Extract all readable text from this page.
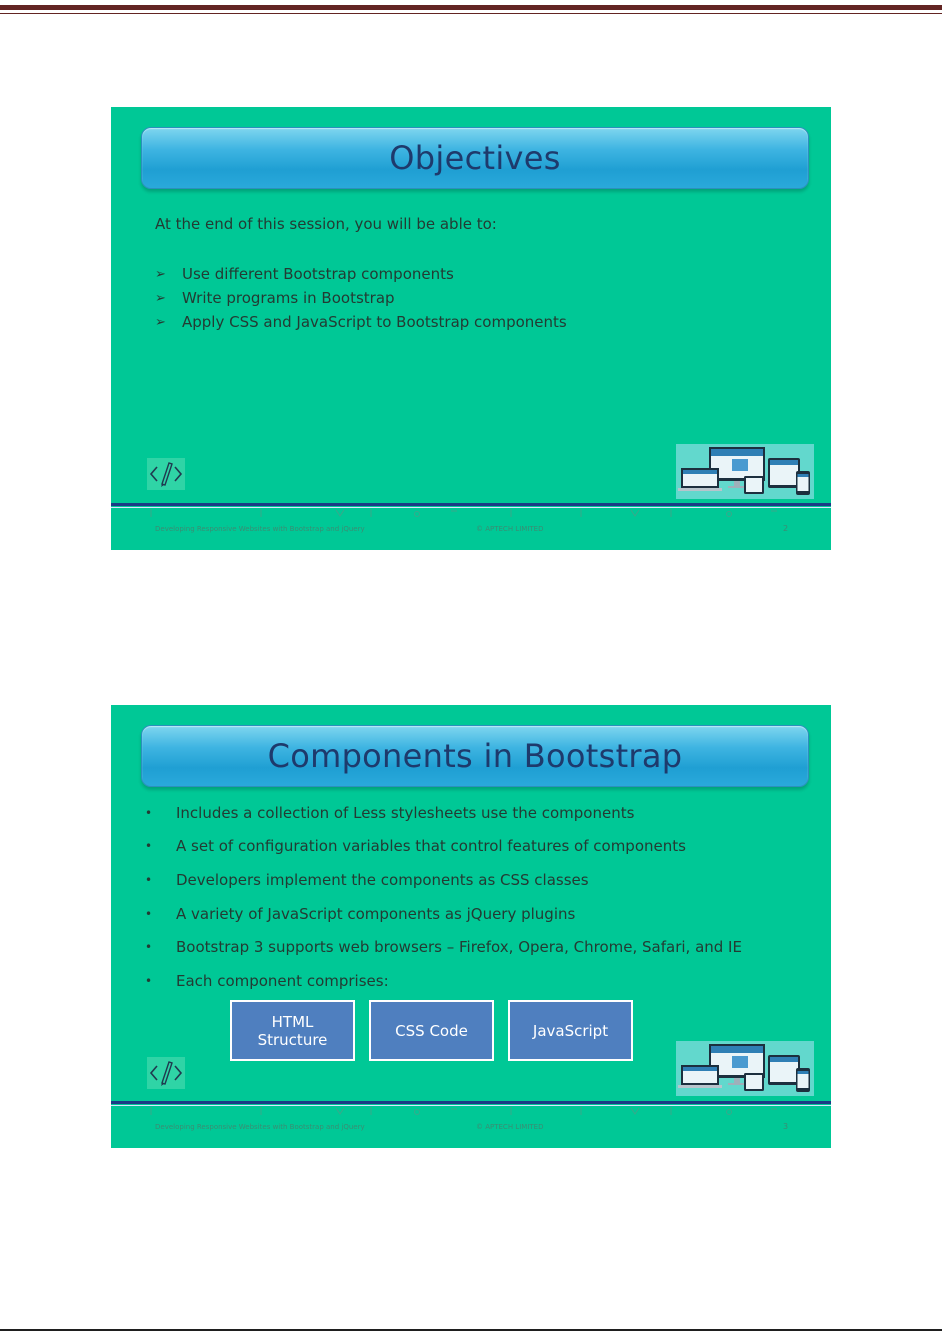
Objectives
At the end of this session, you will be able to:
➢	Use different Bootstrap components
➢	Write programs in Bootstrap
➢	Apply CSS and JavaScript to Bootstrap components
Developing Responsive Websites with Bootstrap and jQuery	© APTECH LIMITED	2
Components in Bootstrap
•	Includes a collection of Less stylesheets use the components
•	A set of configuration variables that control features of components
•	Developers implement the components as CSS classes
•	A variety of JavaScript components as jQuery plugins
•	Bootstrap 3 supports web browsers – Firefox, Opera, Chrome, Safari, and IE
•	Each component comprises:
HTML Structure	CSS Code	JavaScript
Developing Responsive Websites with Bootstrap and jQuery	© APTECH LIMITED	3
